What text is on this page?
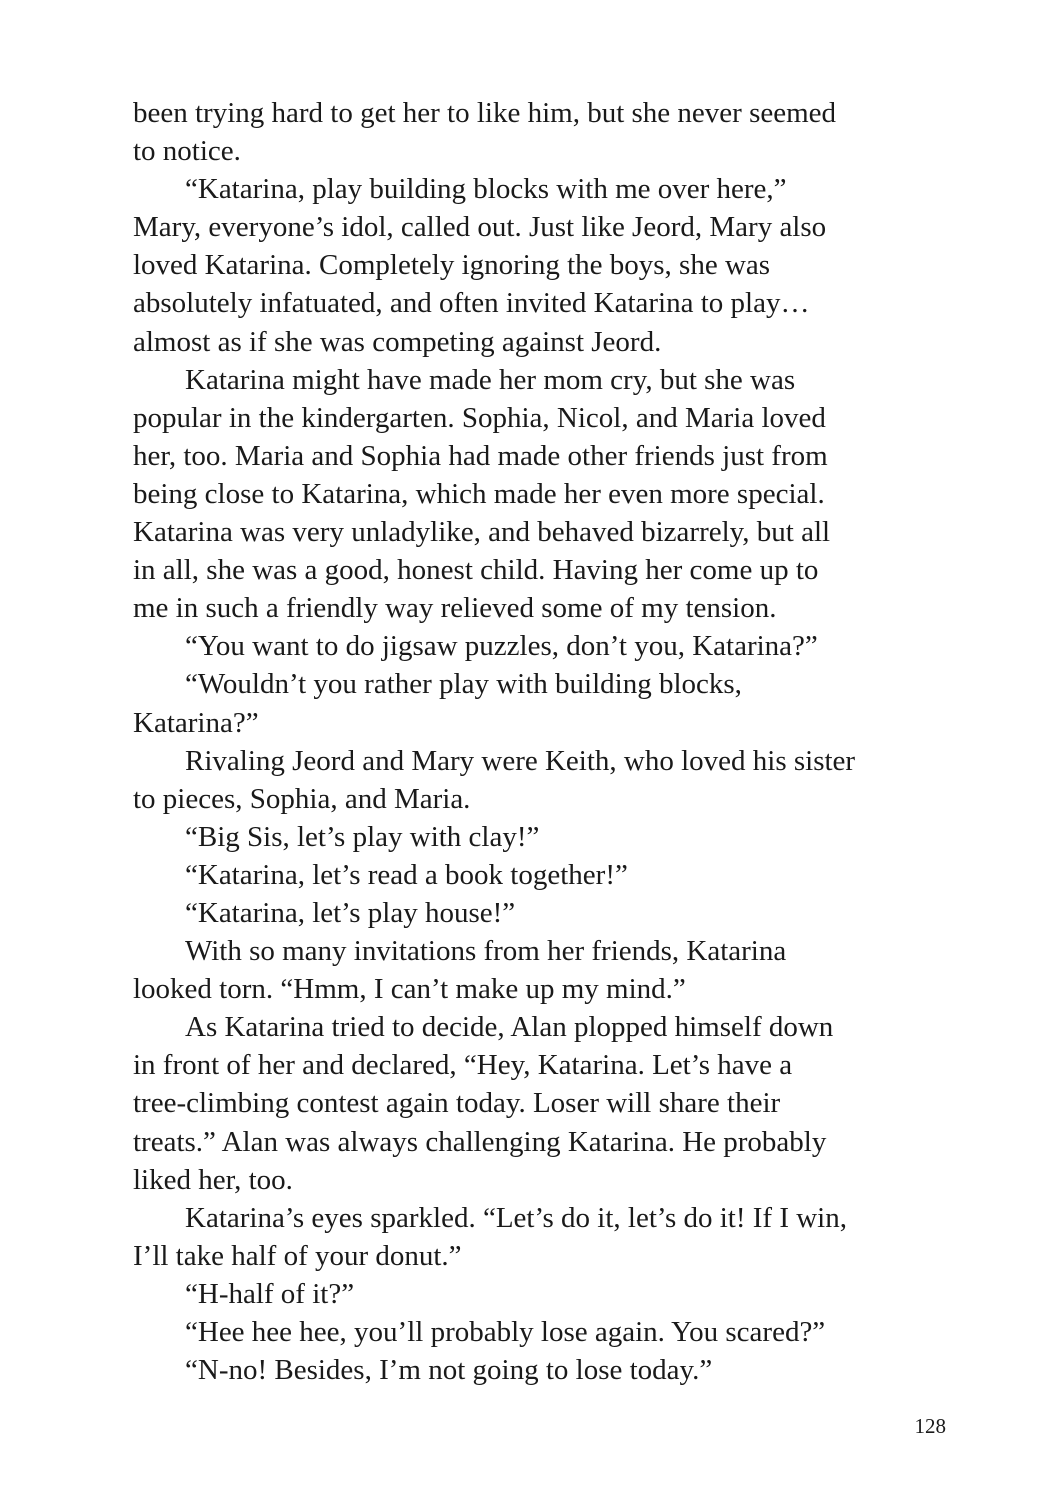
been trying hard to get her to like him, but she never seemed
to notice.
“Katarina, play building blocks with me over here,”
Mary, everyone’s idol, called out. Just like Jeord, Mary also
loved Katarina. Completely ignoring the boys, she was
absolutely infatuated, and often invited Katarina to play…
almost as if she was competing against Jeord.
Katarina might have made her mom cry, but she was
popular in the kindergarten. Sophia, Nicol, and Maria loved
her, too. Maria and Sophia had made other friends just from
being close to Katarina, which made her even more special.
Katarina was very unladylike, and behaved bizarrely, but all
in all, she was a good, honest child. Having her come up to
me in such a friendly way relieved some of my tension.
“You want to do jigsaw puzzles, don’t you, Katarina?”
“Wouldn’t you rather play with building blocks,
Katarina?”
Rivaling Jeord and Mary were Keith, who loved his sister
to pieces, Sophia, and Maria.
“Big Sis, let’s play with clay!”
“Katarina, let’s read a book together!”
“Katarina, let’s play house!”
With so many invitations from her friends, Katarina
looked torn. “Hmm, I can’t make up my mind.”
As Katarina tried to decide, Alan plopped himself down
in front of her and declared, “Hey, Katarina. Let’s have a
tree-climbing contest again today. Loser will share their
treats.” Alan was always challenging Katarina. He probably
liked her, too.
Katarina’s eyes sparkled. “Let’s do it, let’s do it! If I win,
I’ll take half of your donut.”
“H-half of it?”
“Hee hee hee, you’ll probably lose again. You scared?”
“N-no! Besides, I’m not going to lose today.”
128
